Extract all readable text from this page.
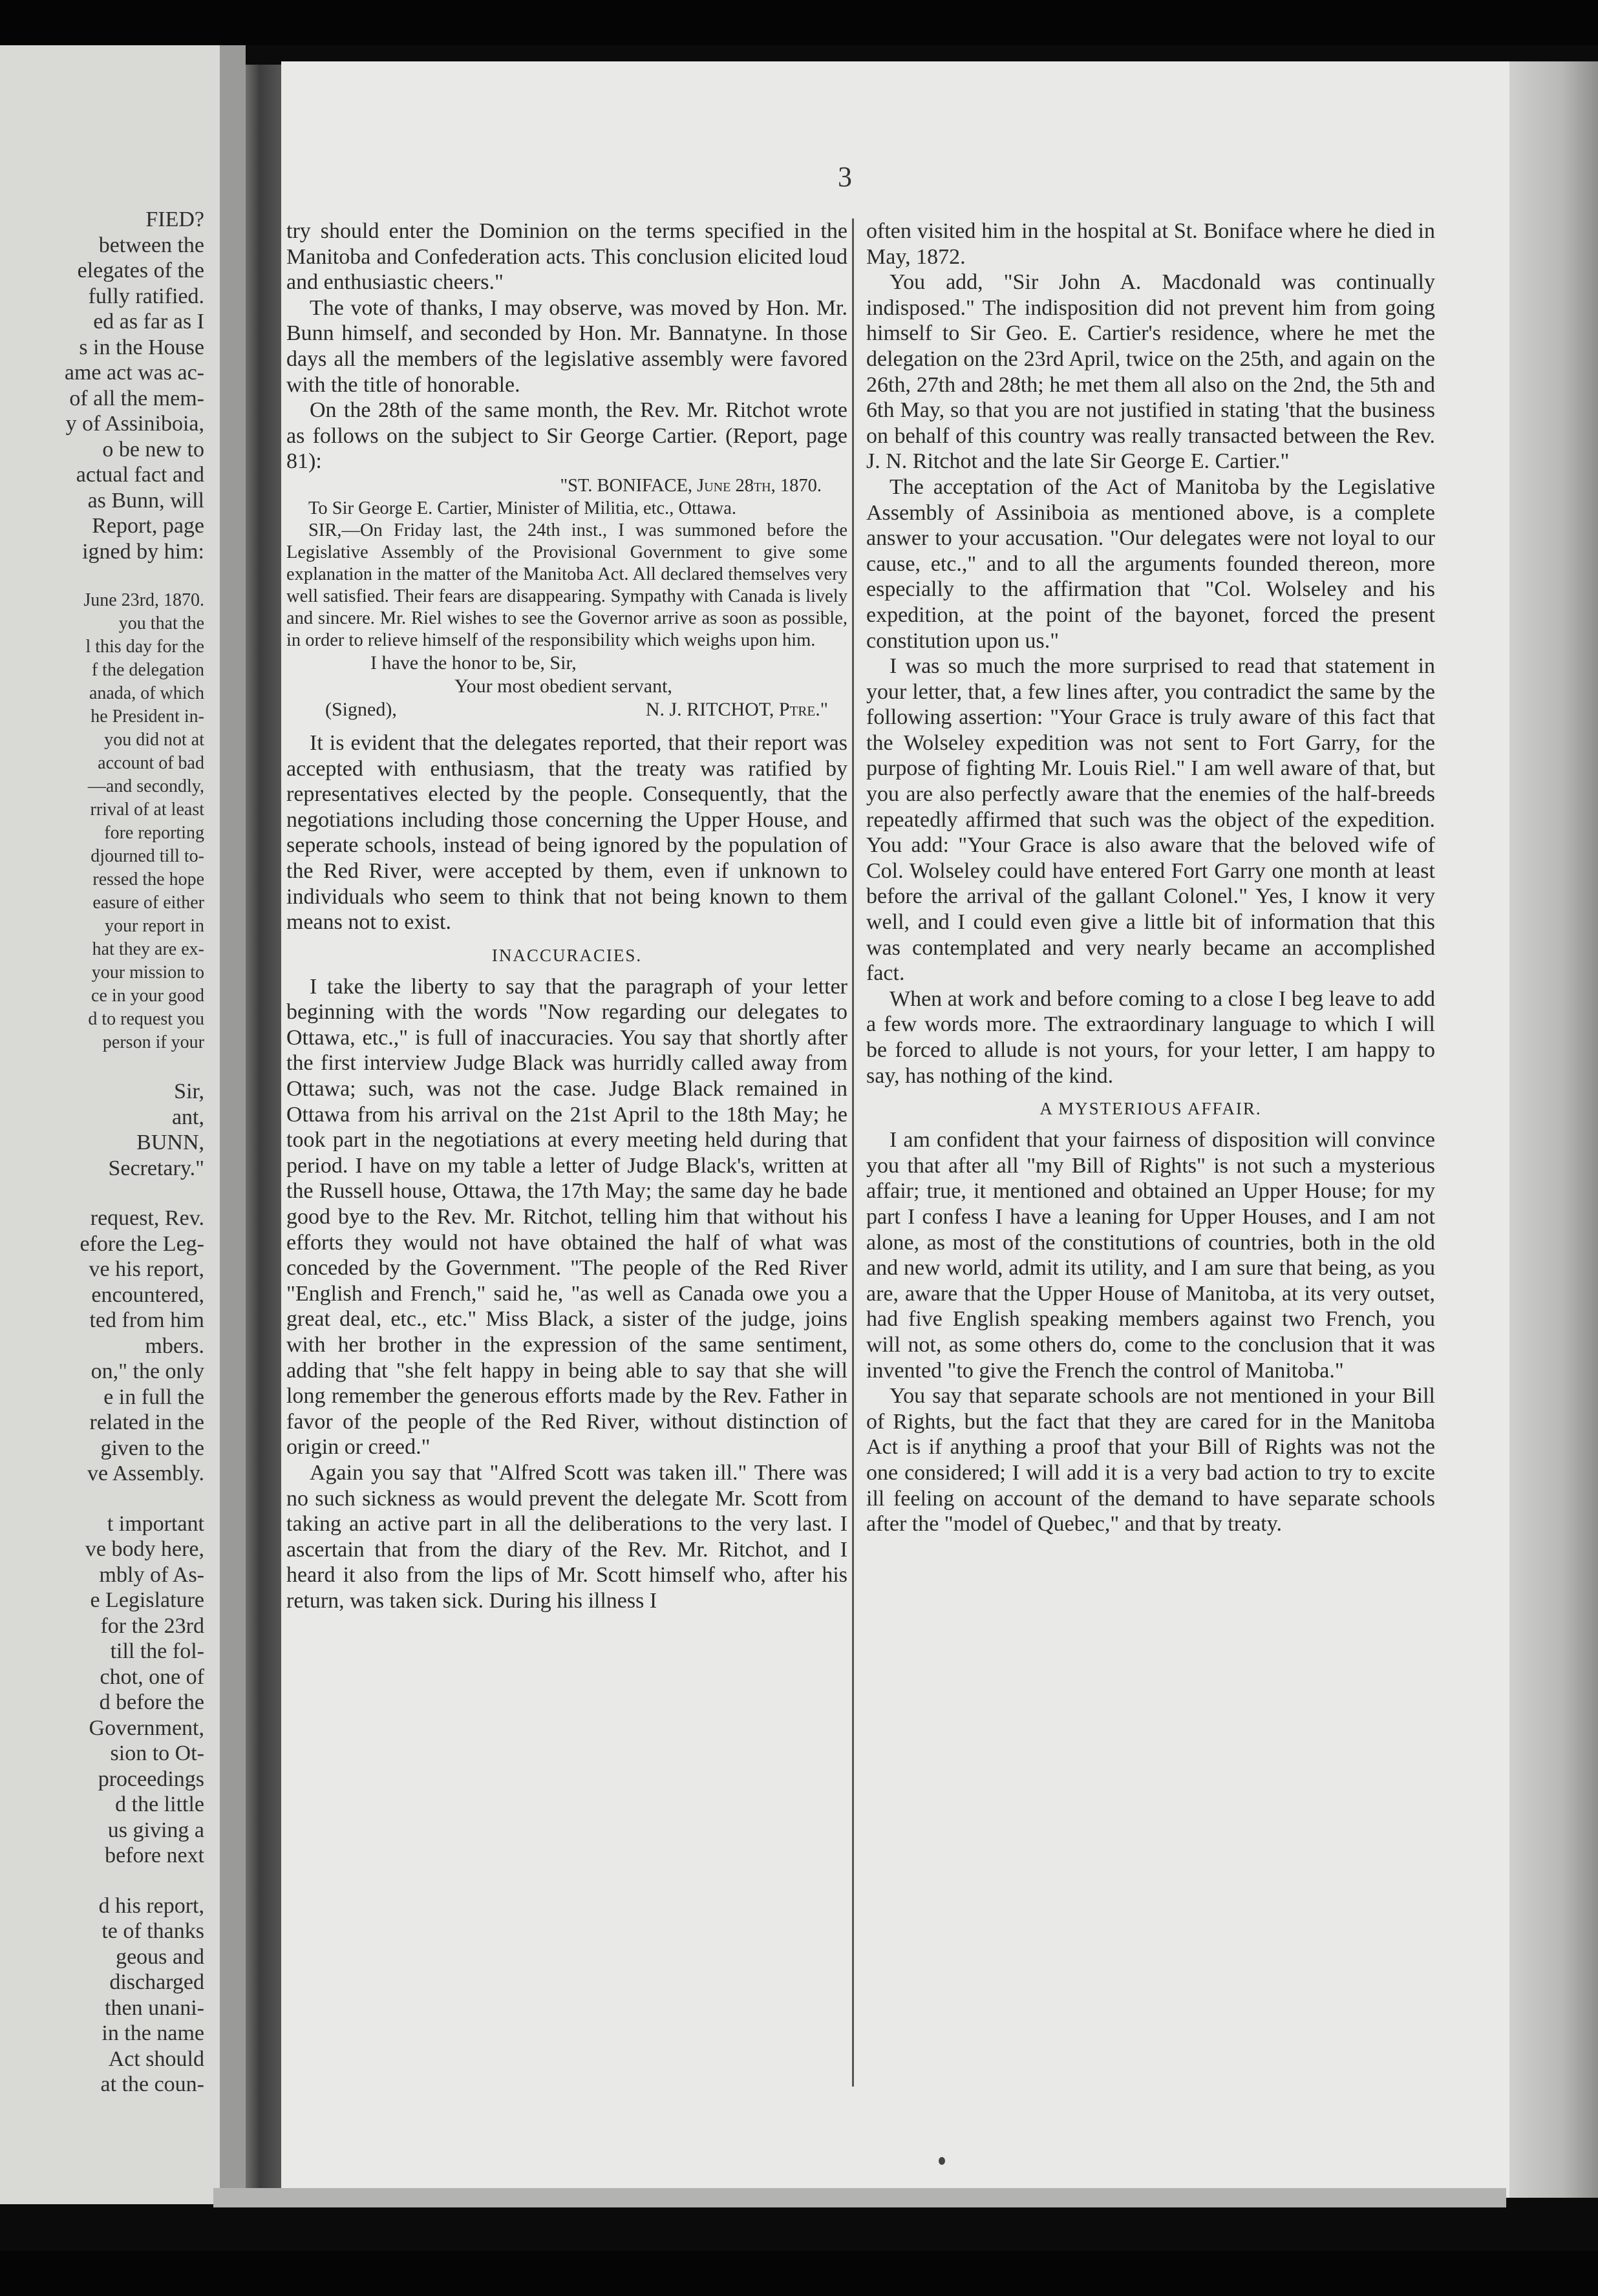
FIED?
between the
elegates of the
fully ratified.
ed as far as I
s in the House
ame act was ac-
of all the mem-
y of Assiniboia,
o be new to
actual fact and
as Bunn, will
Report, page
igned by him:
June 23rd, 1870.
you that the
l this day for the
f the delegation
anada, of which
he President in-
you did not at
account of bad
—and secondly,
rrival of at least
fore reporting
djourned till to-
ressed the hope
easure of either
your report in
hat they are ex-
your mission to
ce in your good
d to request you
person if your
Sir,
ant,
BUNN,
Secretary."
request, Rev.
efore the Leg-
ve his report,
encountered,
ted from him
mbers.
on," the only
e in full the
related in the
given to the
ve Assembly.
t important
ve body here,
mbly of As-
e Legislature
for the 23rd
till the fol-
chot, one of
d before the
Government,
sion to Ot-
proceedings
d the little
us giving a
before next
d his report,
te of thanks
geous and
discharged
then unani-
in the name
Act should
at the coun-
3

try should enter the Dominion on the terms specified in the Manitoba and Confederation acts. This conclusion elicited loud and enthusiastic cheers."

The vote of thanks, I may observe, was moved by Hon. Mr. Bunn himself, and seconded by Hon. Mr. Bannatyne. In those days all the members of the legislative assembly were favored with the title of honorable.

On the 28th of the same month, the Rev. Mr. Ritchot wrote as follows on the subject to Sir George Cartier. (Report, page 81):

"ST. BONIFACE, June 28th, 1870.

To Sir George E. Cartier, Minister of Militia, etc., Ottawa.

SIR,—On Friday last, the 24th inst., I was summoned before the Legislative Assembly of the Provisional Government to give some explanation in the matter of the Manitoba Act. All declared themselves very well satisfied. Their fears are disappearing. Sympathy with Canada is lively and sincere. Mr. Riel wishes to see the Governor arrive as soon as possible, in order to relieve himself of the responsibility which weighs upon him.

I have the honor to be, Sir,
Your most obedient servant,
(Signed),	N. J. RITCHOT, Ptre."

It is evident that the delegates reported, that their report was accepted with enthusiasm, that the treaty was ratified by representatives elected by the people. Consequently, that the negotiations including those concerning the Upper House, and seperate schools, instead of being ignored by the population of the Red River, were accepted by them, even if unknown to individuals who seem to think that not being known to them means not to exist.

INACCURACIES.

I take the liberty to say that the paragraph of your letter beginning with the words "Now regarding our delegates to Ottawa, etc.," is full of inaccuracies. You say that shortly after the first interview Judge Black was hurridly called away from Ottawa; such, was not the case. Judge Black remained in Ottawa from his arrival on the 21st April to the 18th May; he took part in the negotiations at every meeting held during that period. I have on my table a letter of Judge Black's, written at the Russell house, Ottawa, the 17th May; the same day he bade good bye to the Rev. Mr. Ritchot, telling him that without his efforts they would not have obtained the half of what was conceded by the Government. "The people of the Red River "English and French," said he, "as well as Canada owe you a great deal, etc., etc." Miss Black, a sister of the judge, joins with her brother in the expression of the same sentiment, adding that "she felt happy in being able to say that she will long remember the generous efforts made by the Rev. Father in favor of the people of the Red River, without distinction of origin or creed."

Again you say that "Alfred Scott was taken ill." There was no such sickness as would prevent the delegate Mr. Scott from taking an active part in all the deliberations to the very last. I ascertain that from the diary of the Rev. Mr. Ritchot, and I heard it also from the lips of Mr. Scott himself who, after his return, was taken sick. During his illness I

often visited him in the hospital at St. Boniface where he died in May, 1872.

You add, "Sir John A. Macdonald was continually indisposed." The indisposition did not prevent him from going himself to Sir Geo. E. Cartier's residence, where he met the delegation on the 23rd April, twice on the 25th, and again on the 26th, 27th and 28th; he met them all also on the 2nd, the 5th and 6th May, so that you are not justified in stating 'that the business on behalf of this country was really transacted between the Rev. J. N. Ritchot and the late Sir George E. Cartier."

The acceptation of the Act of Manitoba by the Legislative Assembly of Assiniboia as mentioned above, is a complete answer to your accusation. "Our delegates were not loyal to our cause, etc.," and to all the arguments founded thereon, more especially to the affirmation that "Col. Wolseley and his expedition, at the point of the bayonet, forced the present constitution upon us."

I was so much the more surprised to read that statement in your letter, that, a few lines after, you contradict the same by the following assertion: "Your Grace is truly aware of this fact that the Wolseley expedition was not sent to Fort Garry, for the purpose of fighting Mr. Louis Riel." I am well aware of that, but you are also perfectly aware that the enemies of the half-breeds repeatedly affirmed that such was the object of the expedition. You add: "Your Grace is also aware that the beloved wife of Col. Wolseley could have entered Fort Garry one month at least before the arrival of the gallant Colonel." Yes, I know it very well, and I could even give a little bit of information that this was contemplated and very nearly became an accomplished fact.

When at work and before coming to a close I beg leave to add a few words more. The extraordinary language to which I will be forced to allude is not yours, for your letter, I am happy to say, has nothing of the kind.

A MYSTERIOUS AFFAIR.

I am confident that your fairness of disposition will convince you that after all "my Bill of Rights" is not such a mysterious affair; true, it mentioned and obtained an Upper House; for my part I confess I have a leaning for Upper Houses, and I am not alone, as most of the constitutions of countries, both in the old and new world, admit its utility, and I am sure that being, as you are, aware that the Upper House of Manitoba, at its very outset, had five English speaking members against two French, you will not, as some others do, come to the conclusion that it was invented "to give the French the control of Manitoba."

You say that separate schools are not mentioned in your Bill of Rights, but the fact that they are cared for in the Manitoba Act is if anything a proof that your Bill of Rights was not the one considered; I will add it is a very bad action to try to excite ill feeling on account of the demand to have separate schools after the "model of Quebec," and that by treaty.
